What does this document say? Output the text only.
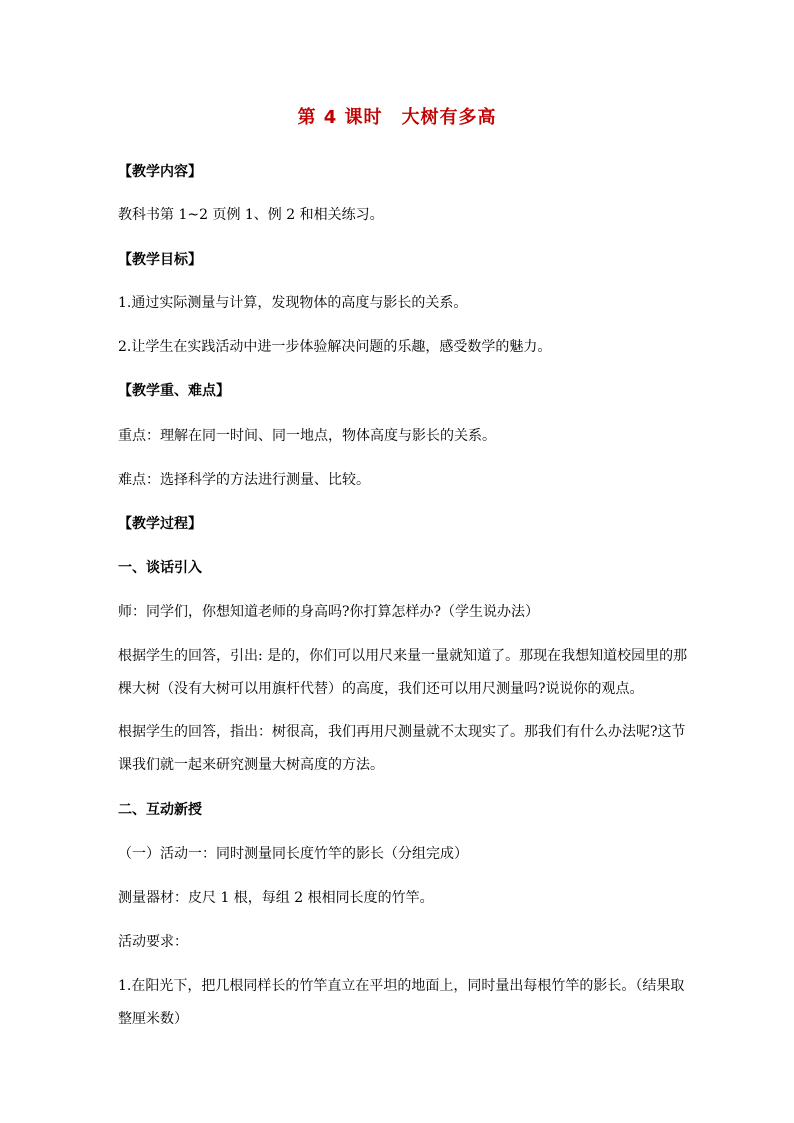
第 4 课时　大树有多高
【教学内容】
教科书第 1~2 页例 1、例 2 和相关练习。
【教学目标】
1.通过实际测量与计算，发现物体的高度与影长的关系。
2.让学生在实践活动中进一步体验解决问题的乐趣，感受数学的魅力。
【教学重、难点】
重点：理解在同一时间、同一地点，物体高度与影长的关系。
难点：选择科学的方法进行测量、比较。
【教学过程】
一、谈话引入
师：同学们，你想知道老师的身高吗?你打算怎样办?（学生说办法）
根据学生的回答，引出: 是的，你们可以用尺来量一量就知道了。那现在我想知道校园里的那棵大树（没有大树可以用旗杆代替）的高度，我们还可以用尺测量吗?说说你的观点。
根据学生的回答，指出：树很高，我们再用尺测量就不太现实了。那我们有什么办法呢?这节课我们就一起来研究测量大树高度的方法。
二、互动新授
（一）活动一：同时测量同长度竹竿的影长（分组完成）
测量器材：皮尺 1 根，每组 2 根相同长度的竹竿。
活动要求：
1.在阳光下，把几根同样长的竹竿直立在平坦的地面上，同时量出每根竹竿的影长。（结果取整厘米数）
